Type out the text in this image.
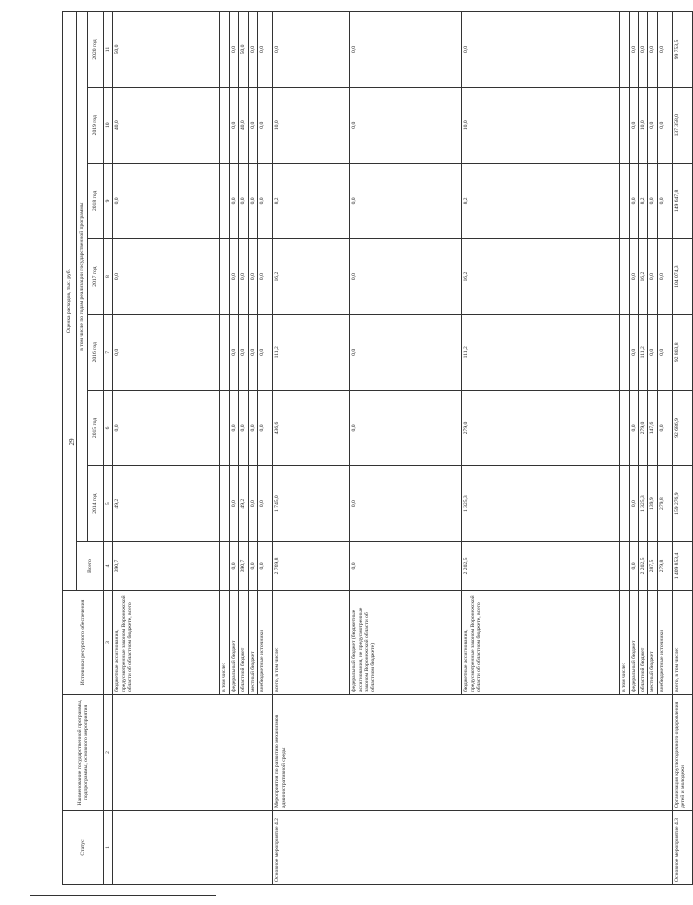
29
Статус	Наименование государственной программы, подпрограммы, основного мероприятия	Источники ресурсного обеспечения	Оценка расходов, тыс. руб.							
			Всего	в том числе по годам реализации государственной программы						
				2014 год	2015 год	2016 год	2017 год	2018 год	2019 год	2020 год
1	2	3	4	5	6	7	8	9	10	11
		бюджетные ассигнования, предусмотренные законом Воронежской области об областном бюджете, всего	390,7	49,2	0,0	0,0	0,0	0,0	40,0	50,0
		в том числе:								
		федеральный бюджет	0,0	0,0	0,0	0,0	0,0	0,0	0,0	0,0
		областной бюджет	390,7	49,2	0,0	0,0	0,0	0,0	40,0	50,0
		местный бюджет	0,0	0,0	0,0	0,0	0,0	0,0	0,0	0,0
		внебюджетные источники	0,0	0,0	0,0	0,0	0,0	0,0	0,0	0,0
Основное мероприятие 4.2	Мероприятия по развитию механизмов административной среды	всего, в том числе:	2 769,8	1 745,0	436,6	111,2	16,2	8,2	10,0	0,0
		федеральный бюджет (бюджетные ассигнования, не предусмотренные законом Воронежской области об областном бюджете)	0,0	0,0	0,0	0,0	0,0	0,0	0,0	0,0
		бюджетные ассигнования, предусмотренные законом Воронежской области об областном бюджете, всего	2 202,5	1 325,3	279,0	111,2	16,2	8,2	10,0	0,0
		в том числе:								
		федеральный бюджет	0,0	0,0	0,0	0,0	0,0	0,0	0,0	0,0
		областной бюджет	2 202,5	1 325,3	279,0	111,2	16,2	8,2	10,0	0,0
		местный бюджет	287,5	139,9	147,6	0,0	0,0	0,0	0,0	0,0
		внебюджетные источники	279,8	279,8	0,0	0,0	0,0	0,0	0,0	0,0
Основное мероприятие 4.3	Организация круглогодичного оздоровления детей и молодежи	всего, в том числе:	1 409 853,4	159 276,9	92 686,9	92 803,8	104 074,3	149 647,8	137 358,0	99 753,5
